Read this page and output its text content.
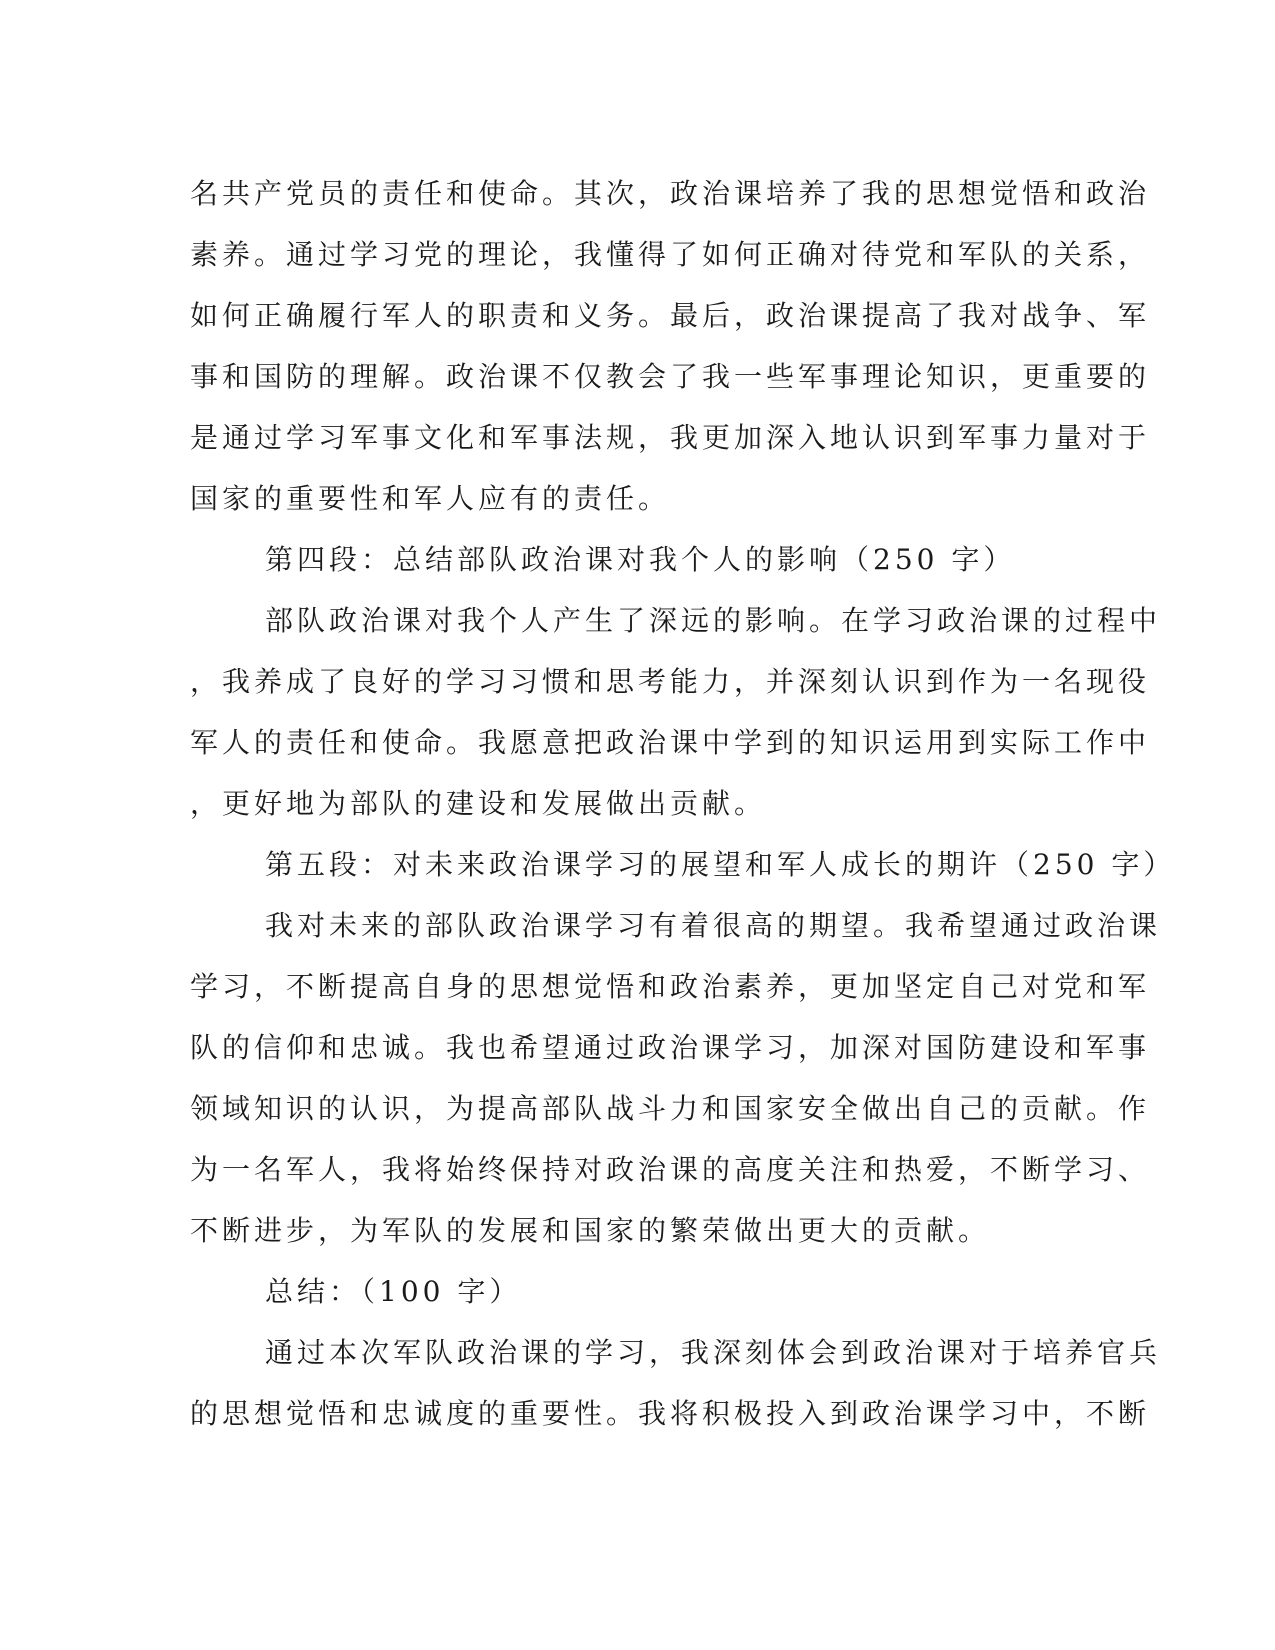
名共产党员的责任和使命。其次，政治课培养了我的思想觉悟和政治
素养。通过学习党的理论，我懂得了如何正确对待党和军队的关系，
如何正确履行军人的职责和义务。最后，政治课提高了我对战争、军
事和国防的理解。政治课不仅教会了我一些军事理论知识，更重要的
是通过学习军事文化和军事法规，我更加深入地认识到军事力量对于
国家的重要性和军人应有的责任。
第四段：总结部队政治课对我个人的影响（250 字）
部队政治课对我个人产生了深远的影响。在学习政治课的过程中
，我养成了良好的学习习惯和思考能力，并深刻认识到作为一名现役
军人的责任和使命。我愿意把政治课中学到的知识运用到实际工作中
，更好地为部队的建设和发展做出贡献。
第五段：对未来政治课学习的展望和军人成长的期许（250 字）
我对未来的部队政治课学习有着很高的期望。我希望通过政治课
学习，不断提高自身的思想觉悟和政治素养，更加坚定自己对党和军
队的信仰和忠诚。我也希望通过政治课学习，加深对国防建设和军事
领域知识的认识，为提高部队战斗力和国家安全做出自己的贡献。作
为一名军人，我将始终保持对政治课的高度关注和热爱，不断学习、
不断进步，为军队的发展和国家的繁荣做出更大的贡献。
总结：（100 字）
通过本次军队政治课的学习，我深刻体会到政治课对于培养官兵
的思想觉悟和忠诚度的重要性。我将积极投入到政治课学习中，不断
